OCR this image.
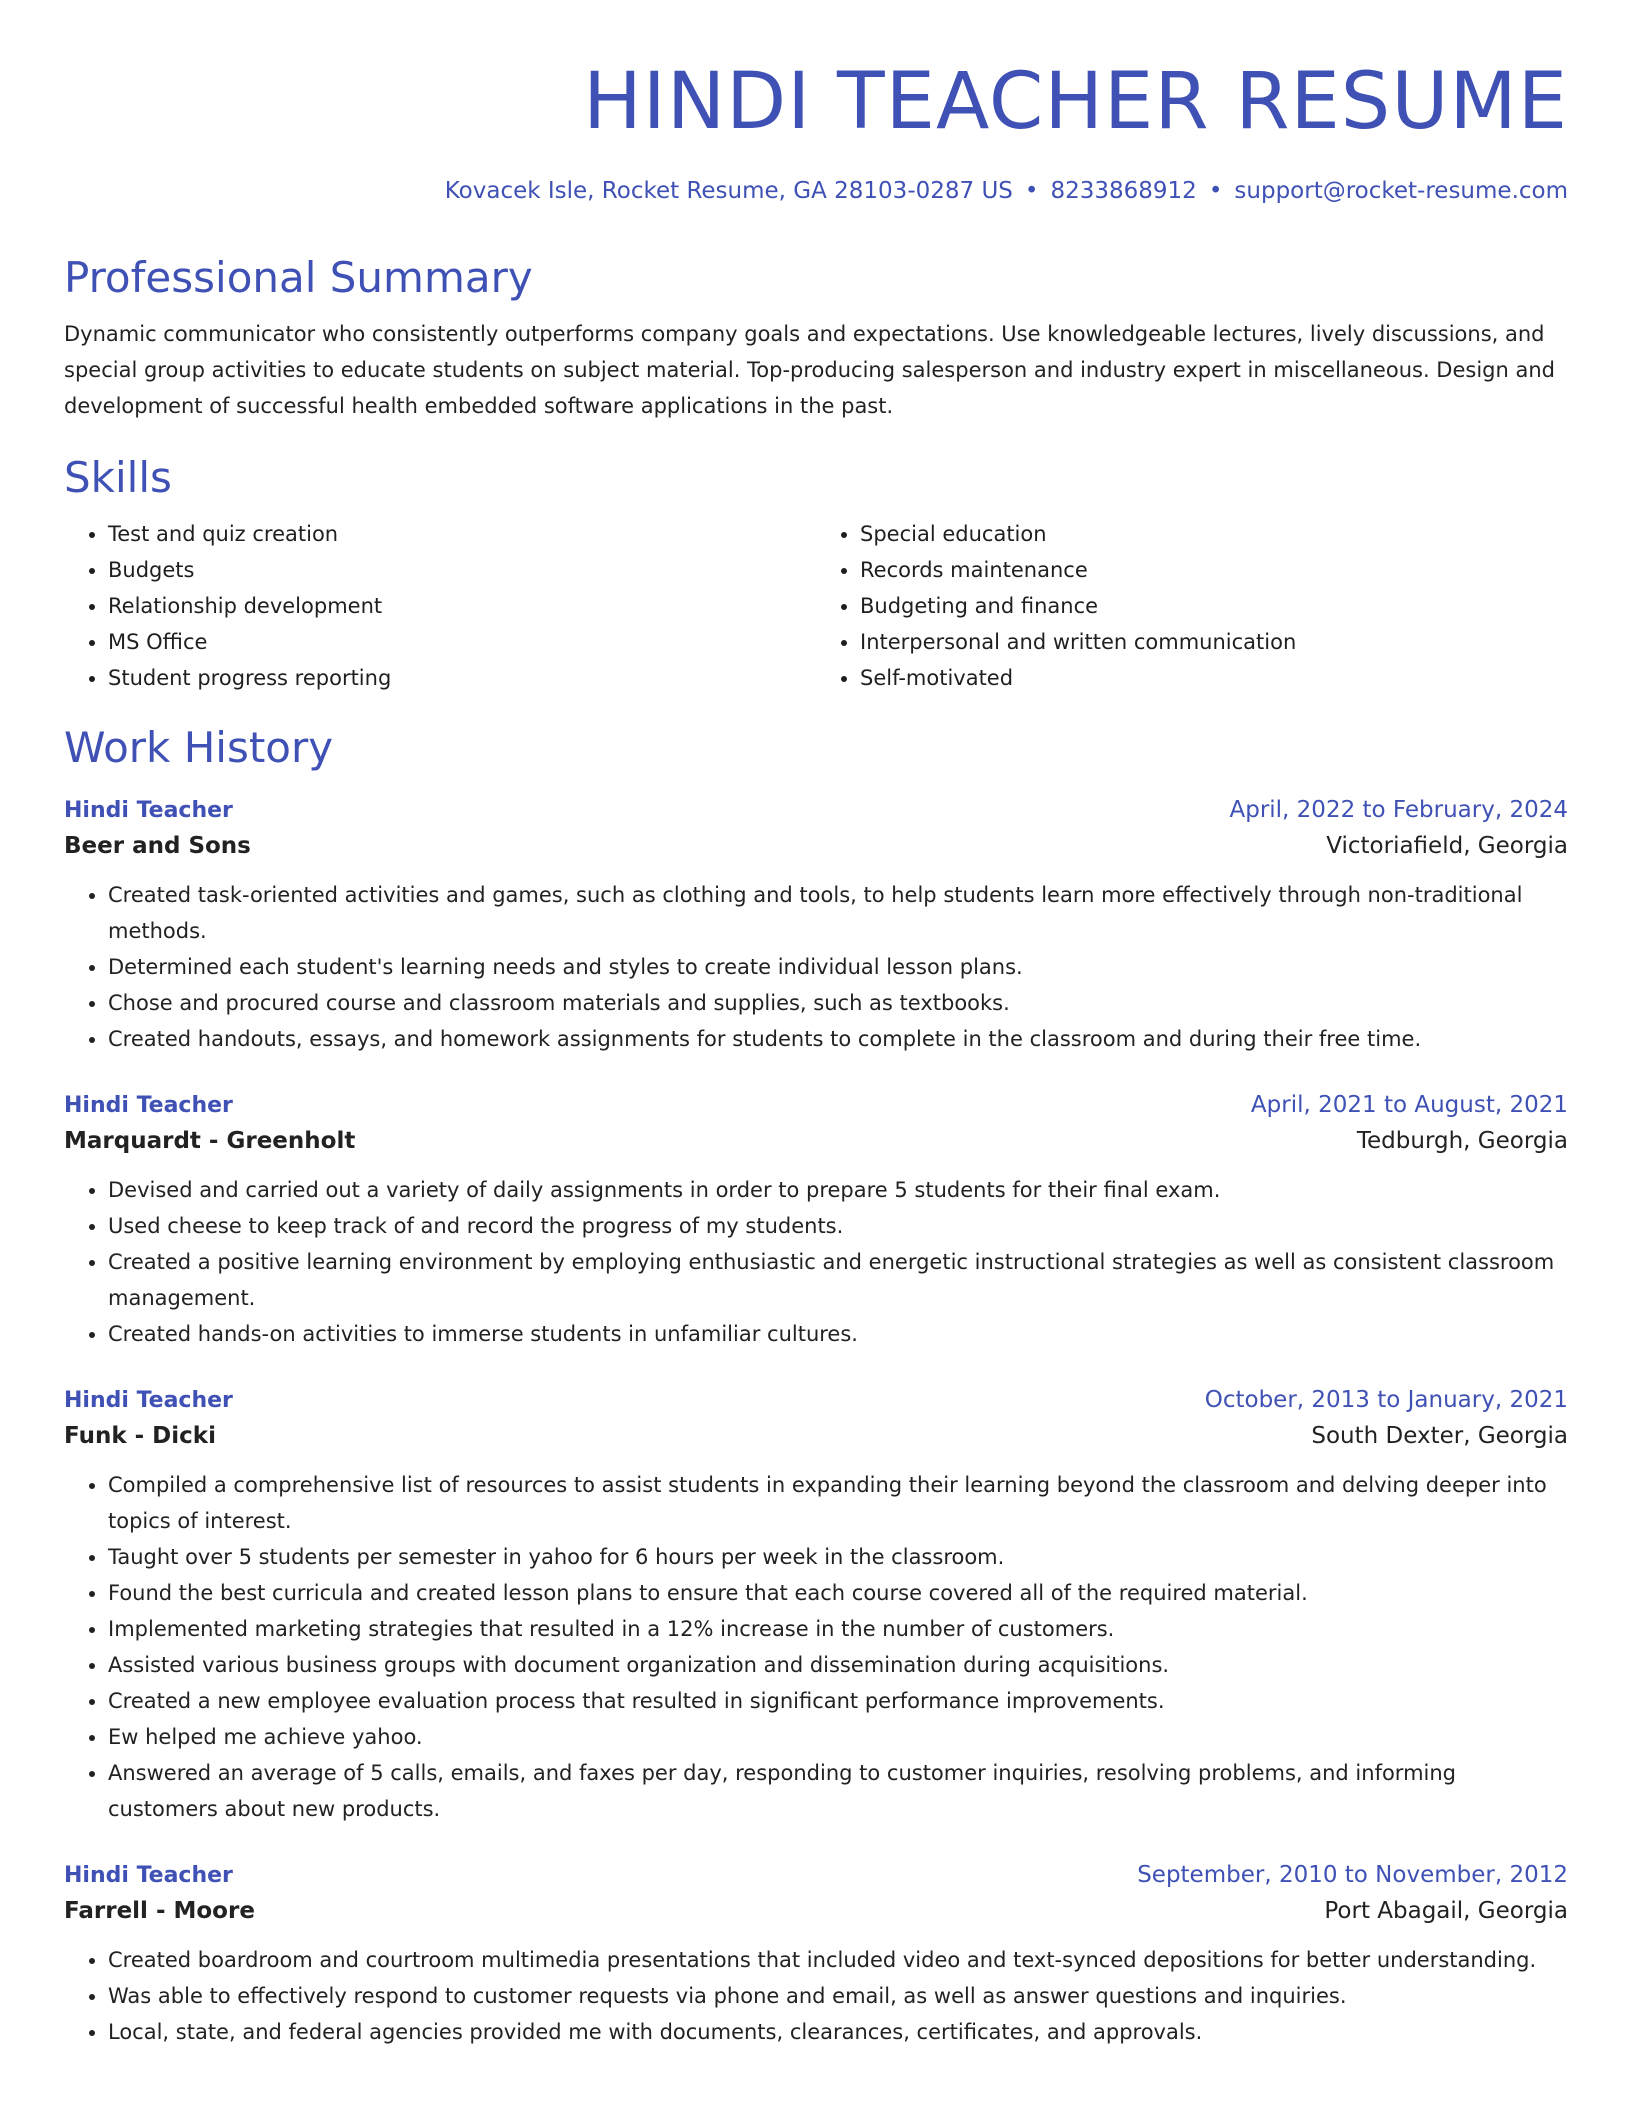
HINDI TEACHER RESUME
Kovacek Isle, Rocket Resume, GA 28103-0287 US • 8233868912 • support@rocket-resume.com
Professional Summary
Dynamic communicator who consistently outperforms company goals and expectations. Use knowledgeable lectures, lively discussions, and special group activities to educate students on subject material. Top-producing salesperson and industry expert in miscellaneous. Design and development of successful health embedded software applications in the past.
Skills
• Test and quiz creation
• Budgets
• Relationship development
• MS Office
• Student progress reporting
• Special education
• Records maintenance
• Budgeting and finance
• Interpersonal and written communication
• Self-motivated
Work History
Hindi Teacher	April, 2022 to February, 2024
Beer and Sons	Victoriafield, Georgia
• Created task-oriented activities and games, such as clothing and tools, to help students learn more effectively through non-traditional methods.
• Determined each student's learning needs and styles to create individual lesson plans.
• Chose and procured course and classroom materials and supplies, such as textbooks.
• Created handouts, essays, and homework assignments for students to complete in the classroom and during their free time.
Hindi Teacher	April, 2021 to August, 2021
Marquardt - Greenholt	Tedburgh, Georgia
• Devised and carried out a variety of daily assignments in order to prepare 5 students for their final exam.
• Used cheese to keep track of and record the progress of my students.
• Created a positive learning environment by employing enthusiastic and energetic instructional strategies as well as consistent classroom management.
• Created hands-on activities to immerse students in unfamiliar cultures.
Hindi Teacher	October, 2013 to January, 2021
Funk - Dicki	South Dexter, Georgia
• Compiled a comprehensive list of resources to assist students in expanding their learning beyond the classroom and delving deeper into topics of interest.
• Taught over 5 students per semester in yahoo for 6 hours per week in the classroom.
• Found the best curricula and created lesson plans to ensure that each course covered all of the required material.
• Implemented marketing strategies that resulted in a 12% increase in the number of customers.
• Assisted various business groups with document organization and dissemination during acquisitions.
• Created a new employee evaluation process that resulted in significant performance improvements.
• Ew helped me achieve yahoo.
• Answered an average of 5 calls, emails, and faxes per day, responding to customer inquiries, resolving problems, and informing customers about new products.
Hindi Teacher	September, 2010 to November, 2012
Farrell - Moore	Port Abagail, Georgia
• Created boardroom and courtroom multimedia presentations that included video and text-synced depositions for better understanding.
• Was able to effectively respond to customer requests via phone and email, as well as answer questions and inquiries.
• Local, state, and federal agencies provided me with documents, clearances, certificates, and approvals.
